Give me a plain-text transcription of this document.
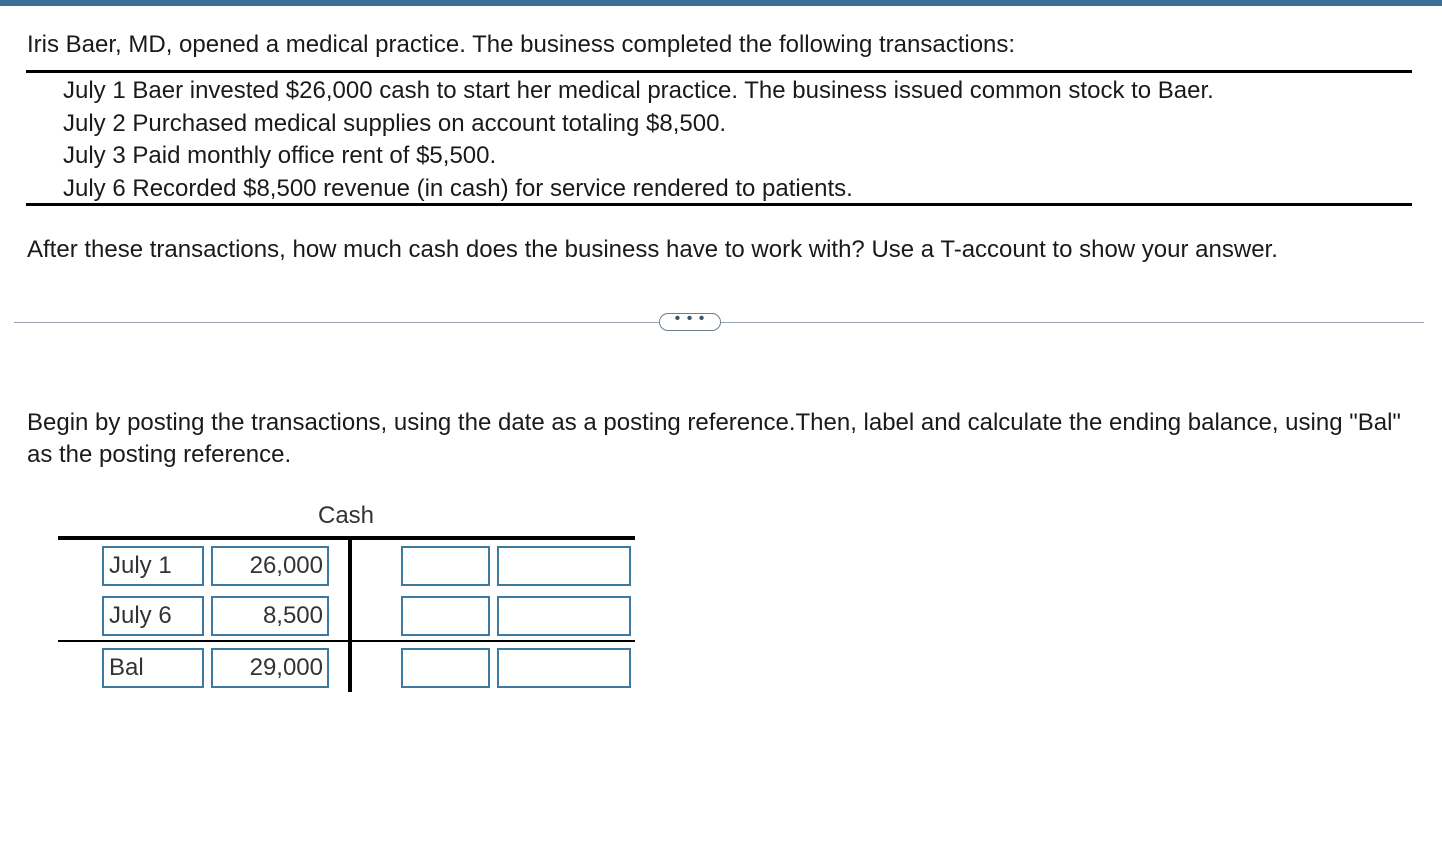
Iris Baer, MD, opened a medical practice. The business completed the following transactions:
July 1 Baer invested $26,000 cash to start her medical practice. The business issued common stock to Baer.
July 2 Purchased medical supplies on account totaling $8,500.
July 3 Paid monthly office rent of $5,500.
July 6 Recorded $8,500 revenue (in cash) for service rendered to patients.
After these transactions, how much cash does the business have to work with? Use a T-account to show your answer.
• • •
Begin by posting the transactions, using the date as a posting reference.Then, label and calculate the ending balance, using "Bal" as the posting reference.
Cash
July 1	26,000
July 6	8,500
Bal	29,000
